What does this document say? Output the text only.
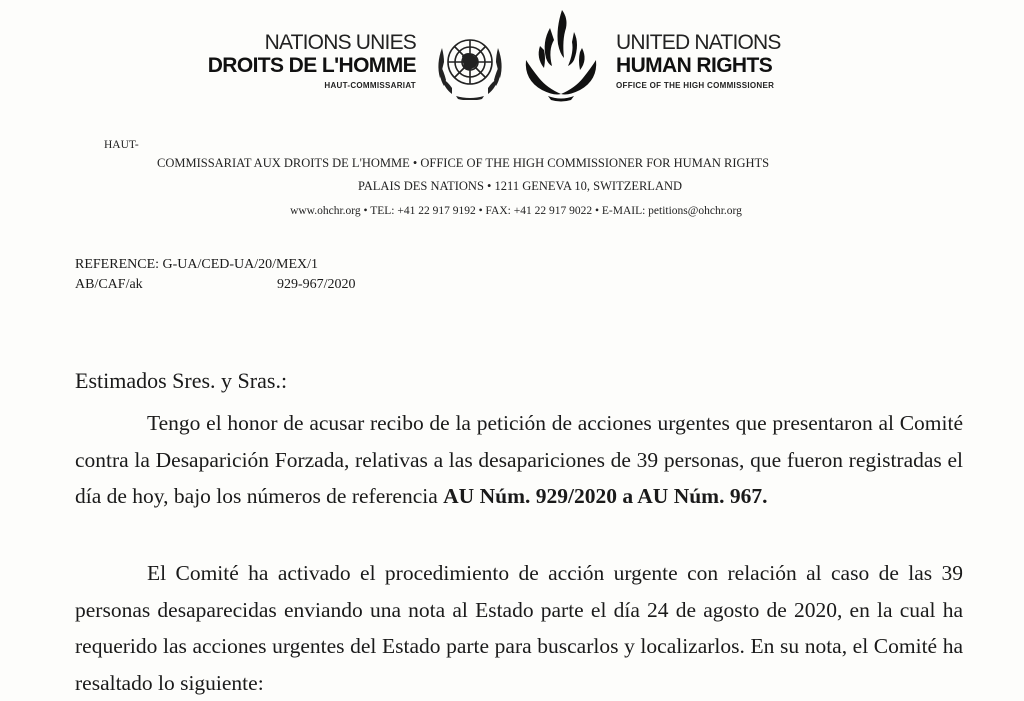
NATIONS UNIES
DROITS DE L'HOMME
HAUT-COMMISSARIAT
UNITED NATIONS
HUMAN RIGHTS
OFFICE OF THE HIGH COMMISSIONER
HAUT-
COMMISSARIAT AUX DROITS DE L'HOMME • OFFICE OF THE HIGH COMMISSIONER FOR HUMAN RIGHTS
PALAIS DES NATIONS • 1211 GENEVA 10, SWITZERLAND
www.ohchr.org • TEL: +41 22 917 9192 • FAX: +41 22 917 9022 • E-MAIL: petitions@ohchr.org
REFERENCE: G-UA/CED-UA/20/MEX/1
AB/CAF/ak	929-967/2020
Estimados Sres. y Sras.:

Tengo el honor de acusar recibo de la petición de acciones urgentes que presentaron al Comité contra la Desaparición Forzada, relativas a las desapariciones de 39 personas, que fueron registradas el día de hoy, bajo los números de referencia AU Núm. 929/2020 a AU Núm. 967.

El Comité ha activado el procedimiento de acción urgente con relación al caso de las 39 personas desaparecidas enviando una nota al Estado parte el día 24 de agosto de 2020, en la cual ha requerido las acciones urgentes del Estado parte para buscarlos y localizarlos. En su nota, el Comité ha resaltado lo siguiente:
